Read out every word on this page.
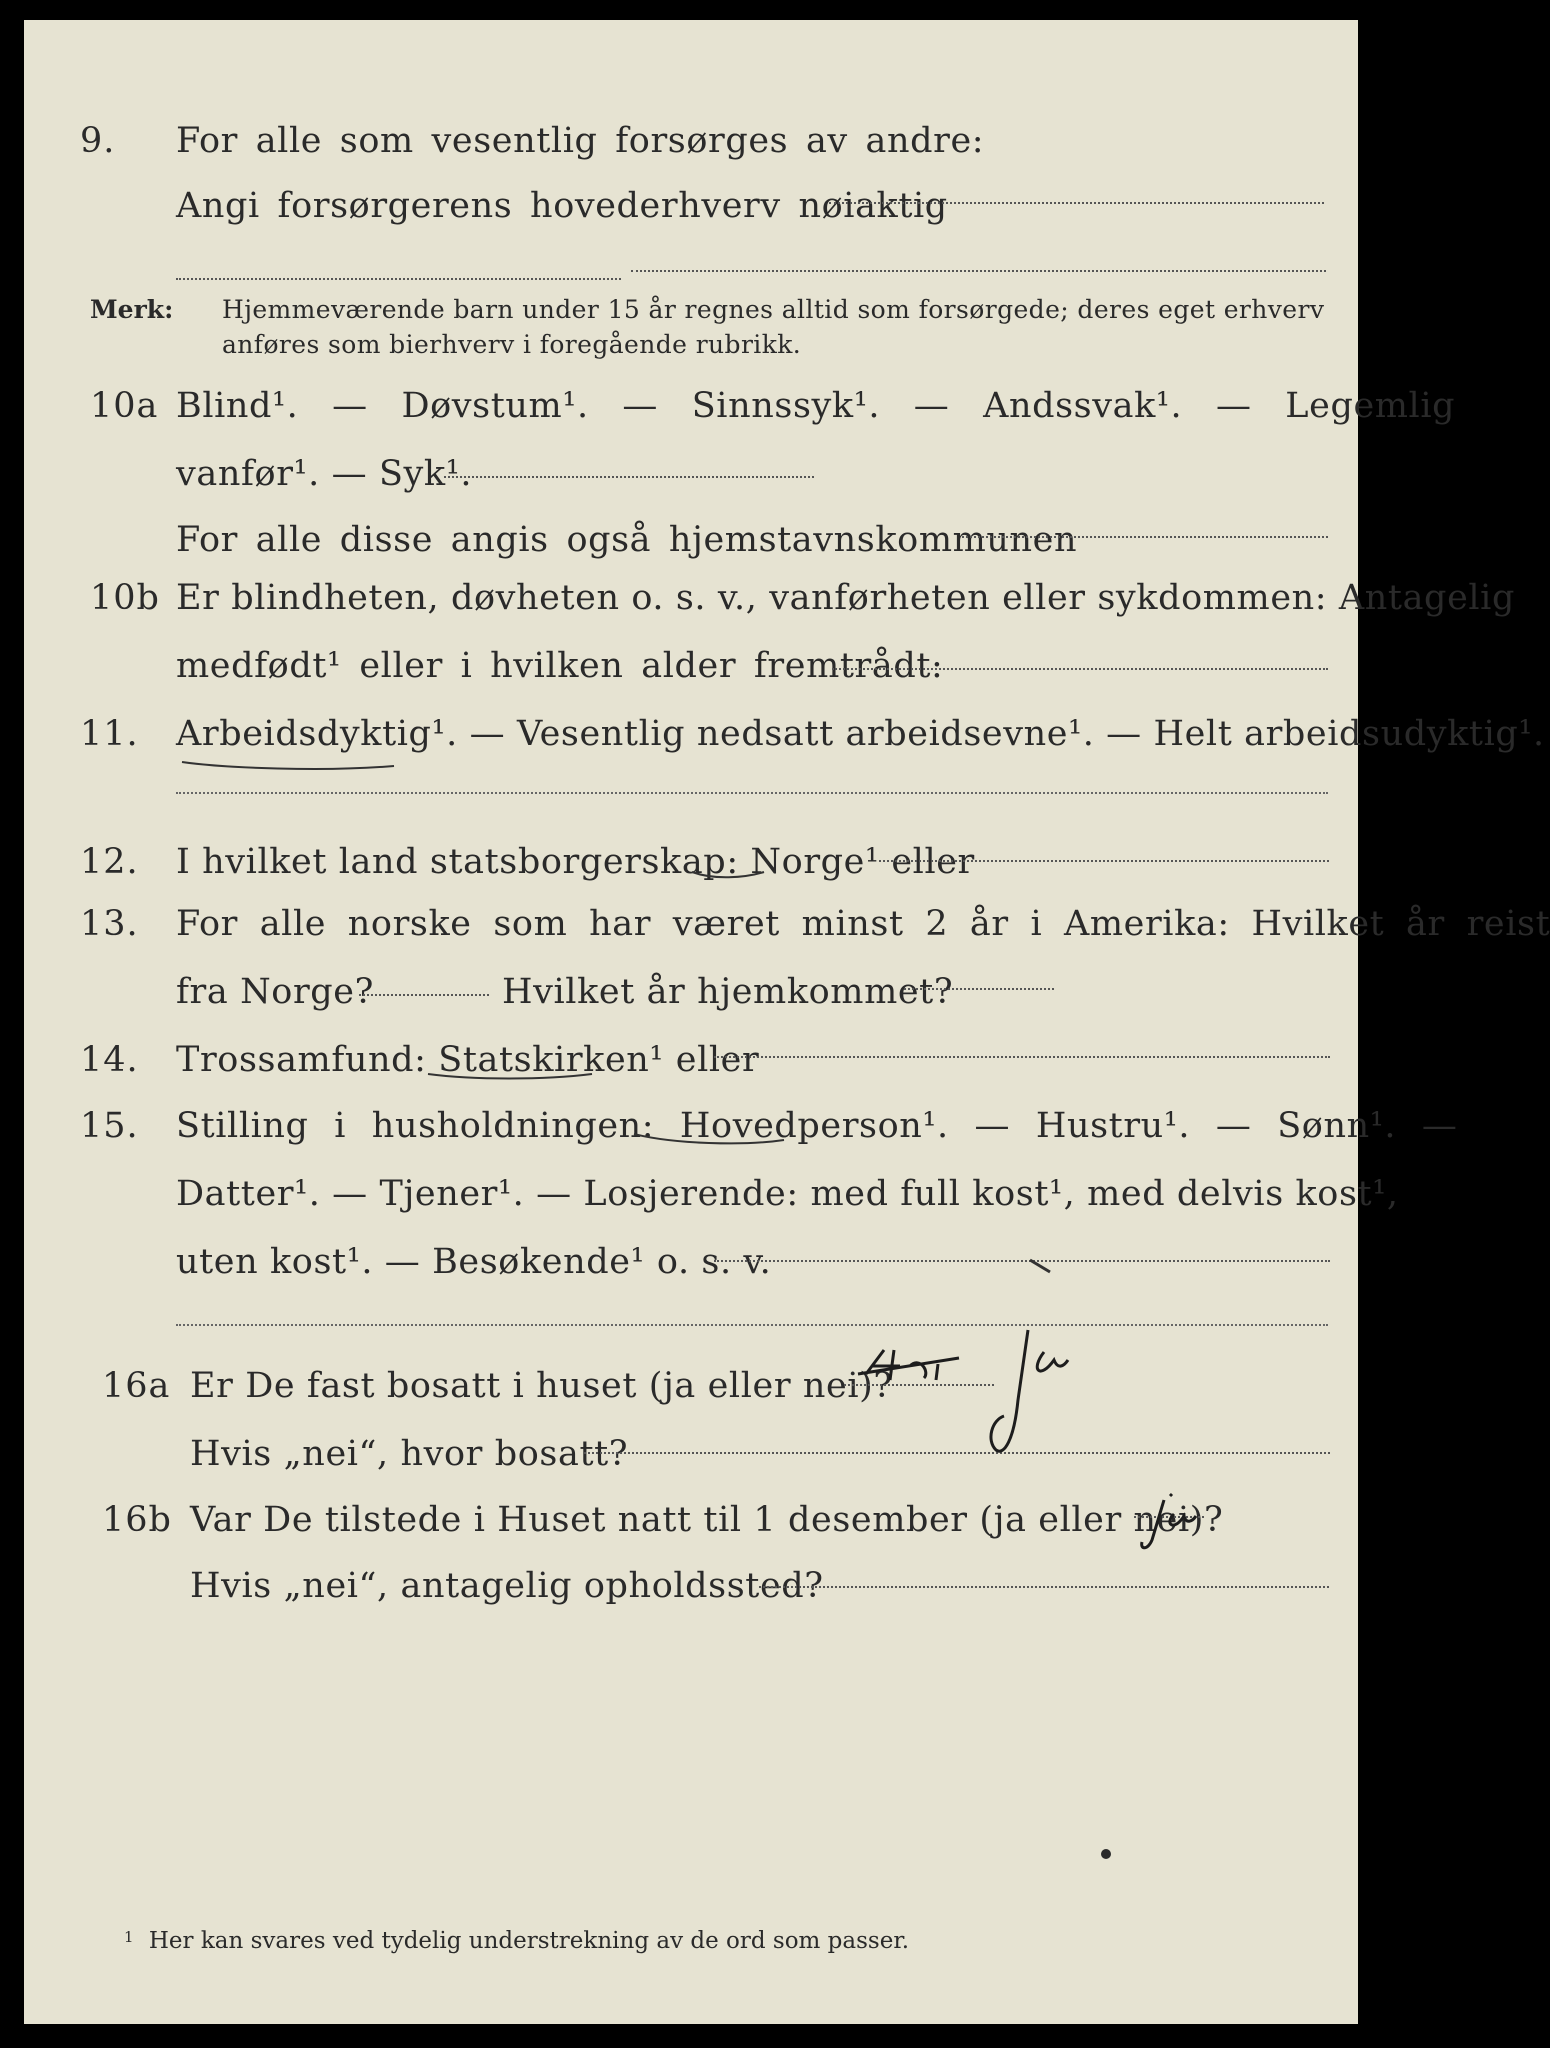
9. For alle som vesentlig forsørges av andre:
Angi forsørgerens hovederhverv nøiaktig
Merk: Hjemmeværende barn under 15 år regnes alltid som forsørgede; deres eget erhverv
anføres som bierhverv i foregående rubrikk.
10a Blind¹. — Døvstum¹. — Sinnssyk¹. — Andssvak¹. — Legemlig
vanfør¹. — Syk¹.
For alle disse angis også hjemstavnskommunen
10b Er blindheten, døvheten o. s. v., vanførheten eller sykdommen: Antagelig
medfødt¹ eller i hvilken alder fremtrådt:
11. Arbeidsdyktig¹. — Vesentlig nedsatt arbeidsevne¹. — Helt arbeidsudyktig¹.
12. I hvilket land statsborgerskap: Norge¹ eller
13. For alle norske som har været minst 2 år i Amerika: Hvilket år reist
fra Norge?	Hvilket år hjemkommet?
14. Trossamfund: Statskirken¹ eller
15. Stilling i husholdningen: Hovedperson¹. — Hustru¹. — Sønn¹. —
Datter¹. — Tjener¹. — Losjerende: med full kost¹, med delvis kost¹,
uten kost¹. — Besøkende¹ o. s. v.
16a Er De fast bosatt i huset (ja eller nei)?
Hvis „nei“, hvor bosatt?
16b Var De tilstede i Huset natt til 1 desember (ja eller nei)?
Hvis „nei“, antagelig opholdssted?
$^1$ Her kan svares ved tydelig understrekning av de ord som passer.
